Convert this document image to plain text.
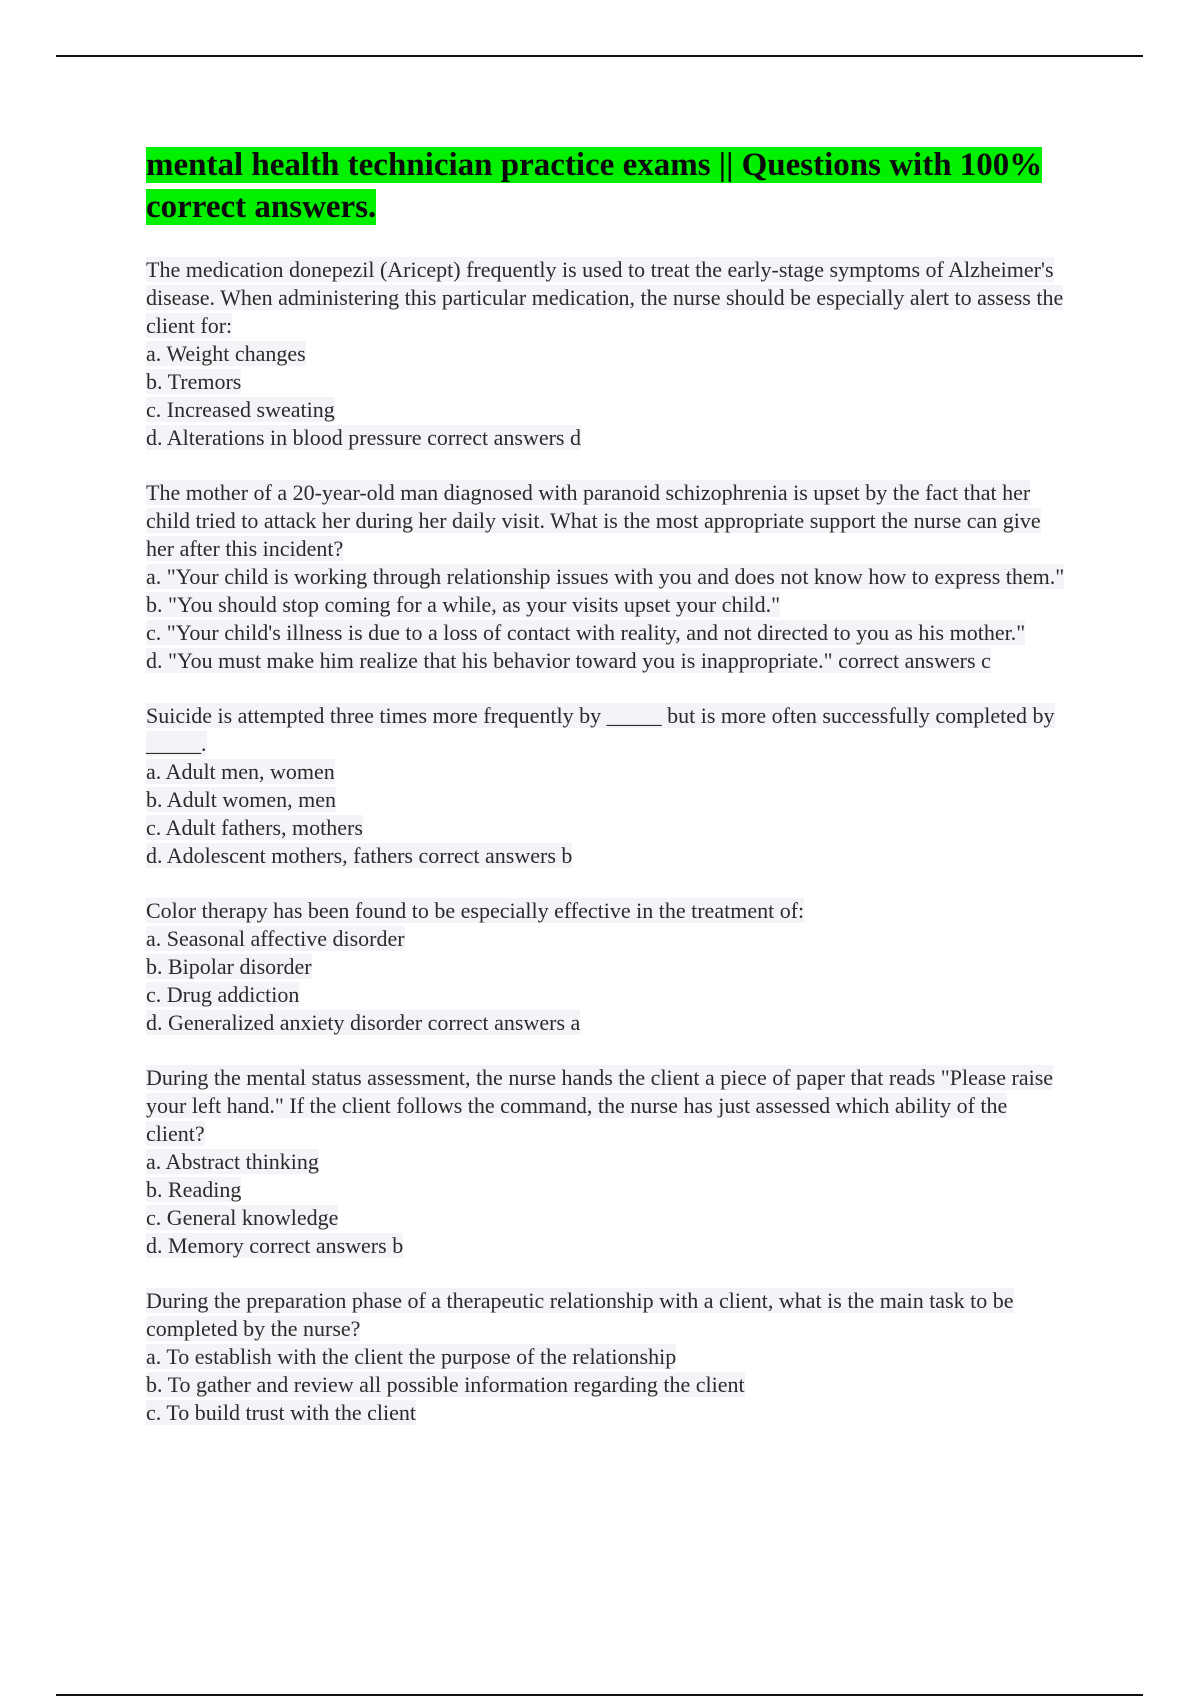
mental health technician practice exams || Questions with 100% correct answers.

The medication donepezil (Aricept) frequently is used to treat the early-stage symptoms of Alzheimer's disease. When administering this particular medication, the nurse should be especially alert to assess the client for:

a. Weight changes

b. Tremors

c. Increased sweating

d. Alterations in blood pressure correct answers d

The mother of a 20-year-old man diagnosed with paranoid schizophrenia is upset by the fact that her child tried to attack her during her daily visit. What is the most appropriate support the nurse can give her after this incident?

a. "Your child is working through relationship issues with you and does not know how to express them."

b. "You should stop coming for a while, as your visits upset your child."

c. "Your child's illness is due to a loss of contact with reality, and not directed to you as his mother."

d. "You must make him realize that his behavior toward you is inappropriate." correct answers c

Suicide is attempted three times more frequently by _____ but is more often successfully completed by _____.

a. Adult men, women

b. Adult women, men

c. Adult fathers, mothers

d. Adolescent mothers, fathers correct answers b

Color therapy has been found to be especially effective in the treatment of:

a. Seasonal affective disorder

b. Bipolar disorder

c. Drug addiction

d. Generalized anxiety disorder correct answers a

During the mental status assessment, the nurse hands the client a piece of paper that reads "Please raise your left hand." If the client follows the command, the nurse has just assessed which ability of the client?

a. Abstract thinking

b. Reading

c. General knowledge

d. Memory correct answers b

During the preparation phase of a therapeutic relationship with a client, what is the main task to be completed by the nurse?

a. To establish with the client the purpose of the relationship

b. To gather and review all possible information regarding the client

c. To build trust with the client
